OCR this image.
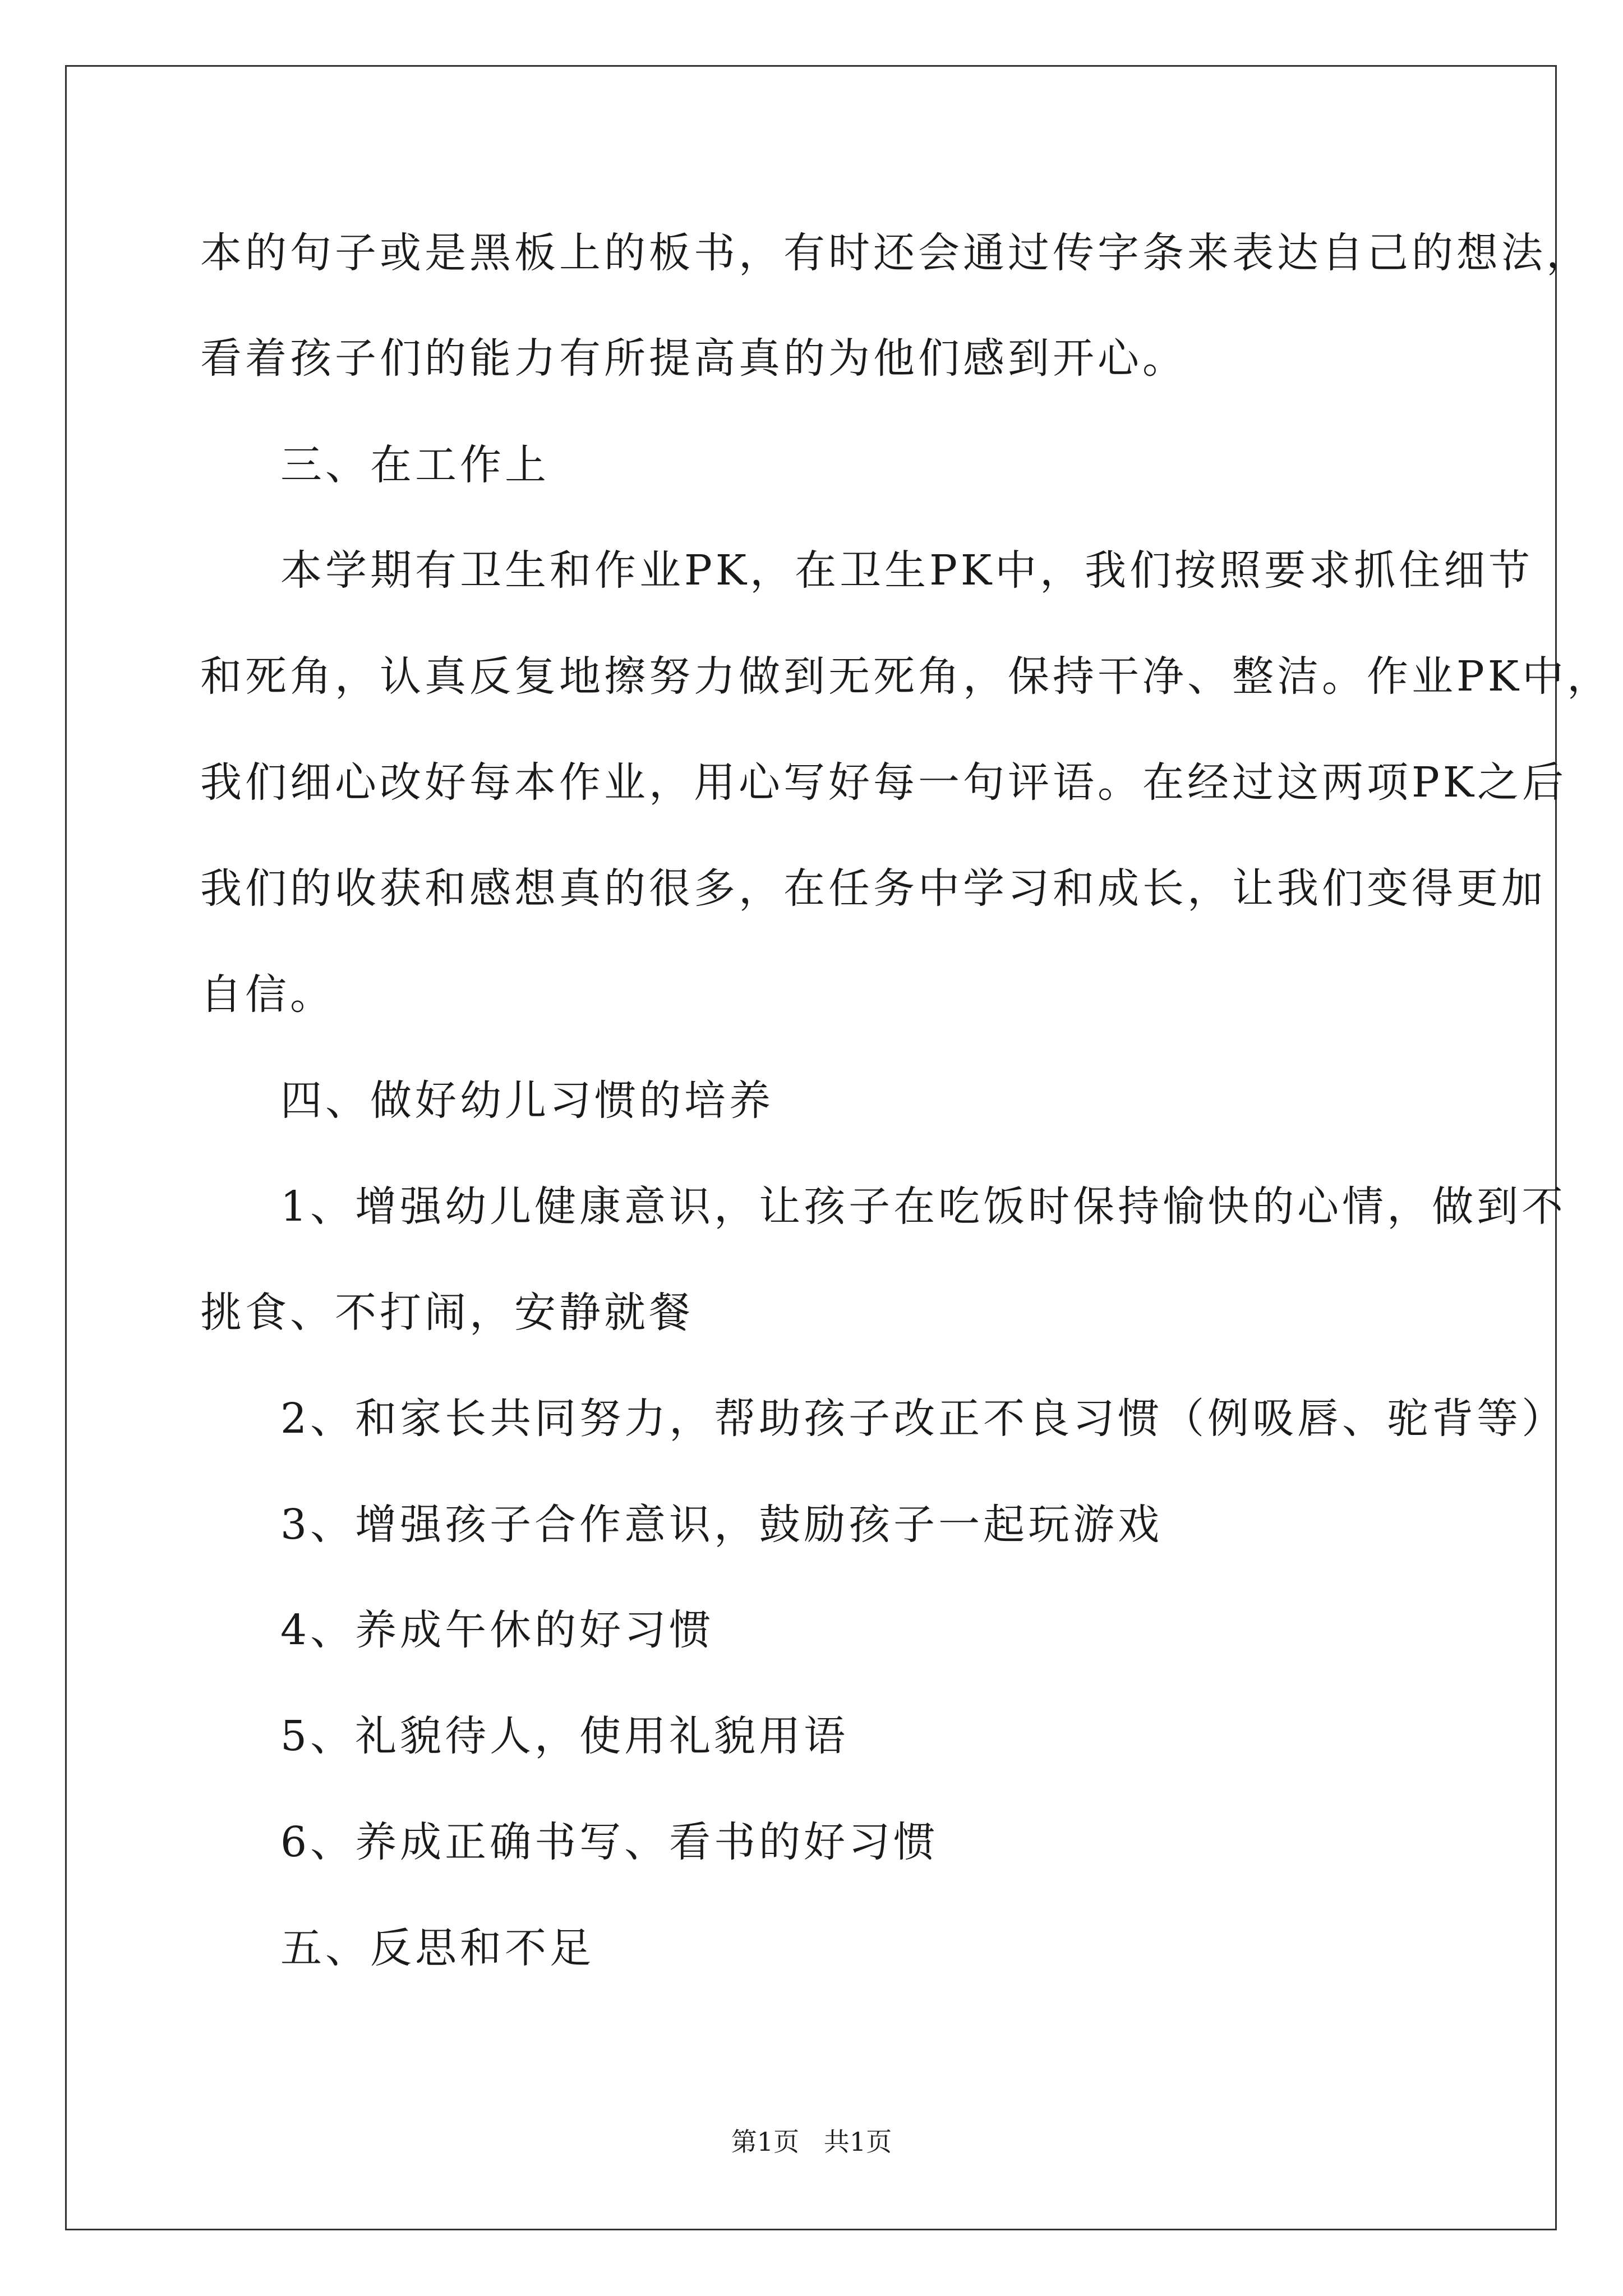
本的句子或是黑板上的板书，有时还会通过传字条来表达自己的想法，
看着孩子们的能力有所提高真的为他们感到开心。
三、在工作上
本学期有卫生和作业PK，在卫生PK中，我们按照要求抓住细节
和死角，认真反复地擦努力做到无死角，保持干净、整洁。作业PK中，
我们细心改好每本作业，用心写好每一句评语。在经过这两项PK之后
我们的收获和感想真的很多，在任务中学习和成长，让我们变得更加
自信。
四、做好幼儿习惯的培养
1、增强幼儿健康意识，让孩子在吃饭时保持愉快的心情，做到不
挑食、不打闹，安静就餐
2、和家长共同努力，帮助孩子改正不良习惯（例吸唇、驼背等）
3、增强孩子合作意识，鼓励孩子一起玩游戏
4、养成午休的好习惯
5、礼貌待人，使用礼貌用语
6、养成正确书写、看书的好习惯
五、反思和不足
第1页   共1页
